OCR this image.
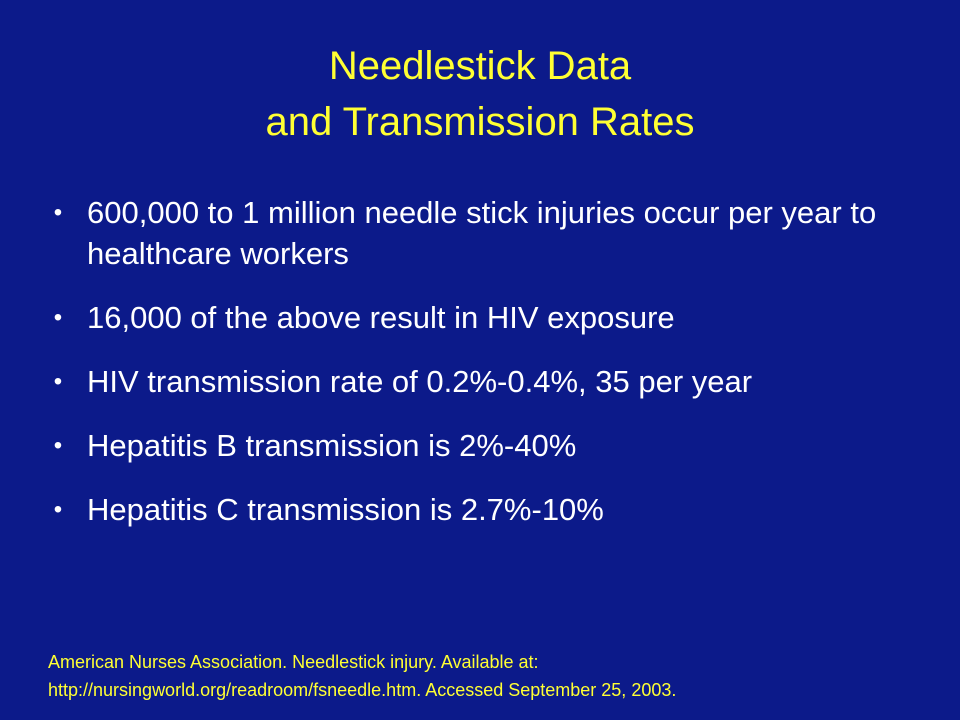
Needlestick Data
and Transmission Rates
• 600,000 to 1 million needle stick injuries occur per year to healthcare workers
• 16,000 of the above result in HIV exposure
• HIV transmission rate of 0.2%-0.4%, 35 per year
• Hepatitis B transmission is 2%-40%
• Hepatitis C transmission is 2.7%-10%
American Nurses Association. Needlestick injury. Available at:
http://nursingworld.org/readroom/fsneedle.htm. Accessed September 25, 2003.
